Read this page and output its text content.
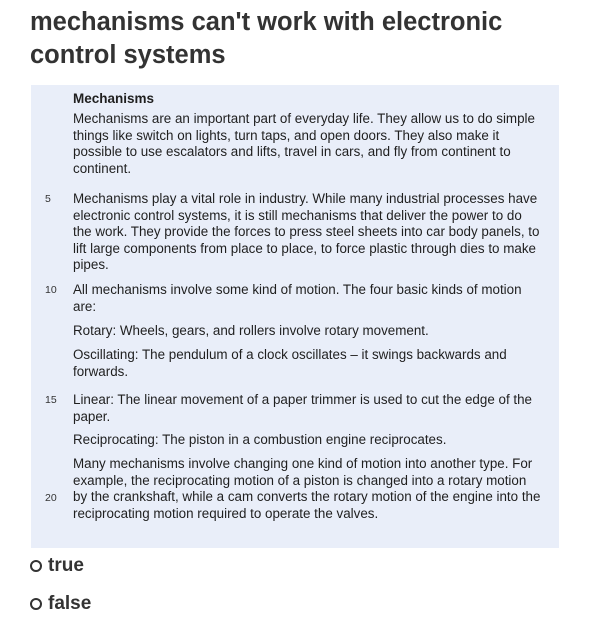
mechanisms can't work with electronic control systems
Mechanisms

Mechanisms are an important part of everyday life. They allow us to do simple things like switch on lights, turn taps, and open doors. They also make it possible to use escalators and lifts, travel in cars, and fly from continent to continent.

5	Mechanisms play a vital role in industry. While many industrial processes have electronic control systems, it is still mechanisms that deliver the power to do the work. They provide the forces to press steel sheets into car body panels, to lift large components from place to place, to force plastic through dies to make pipes.

10	All mechanisms involve some kind of motion. The four basic kinds of motion are:

Rotary: Wheels, gears, and rollers involve rotary movement.

Oscillating: The pendulum of a clock oscillates – it swings backwards and forwards.

15	Linear: The linear movement of a paper trimmer is used to cut the edge of the paper.

Reciprocating: The piston in a combustion engine reciprocates.

20

Many mechanisms involve changing one kind of motion into another type. For example, the reciprocating motion of a piston is changed into a rotary motion by the crankshaft, while a cam converts the rotary motion of the engine into the reciprocating motion required to operate the valves.

true
false
